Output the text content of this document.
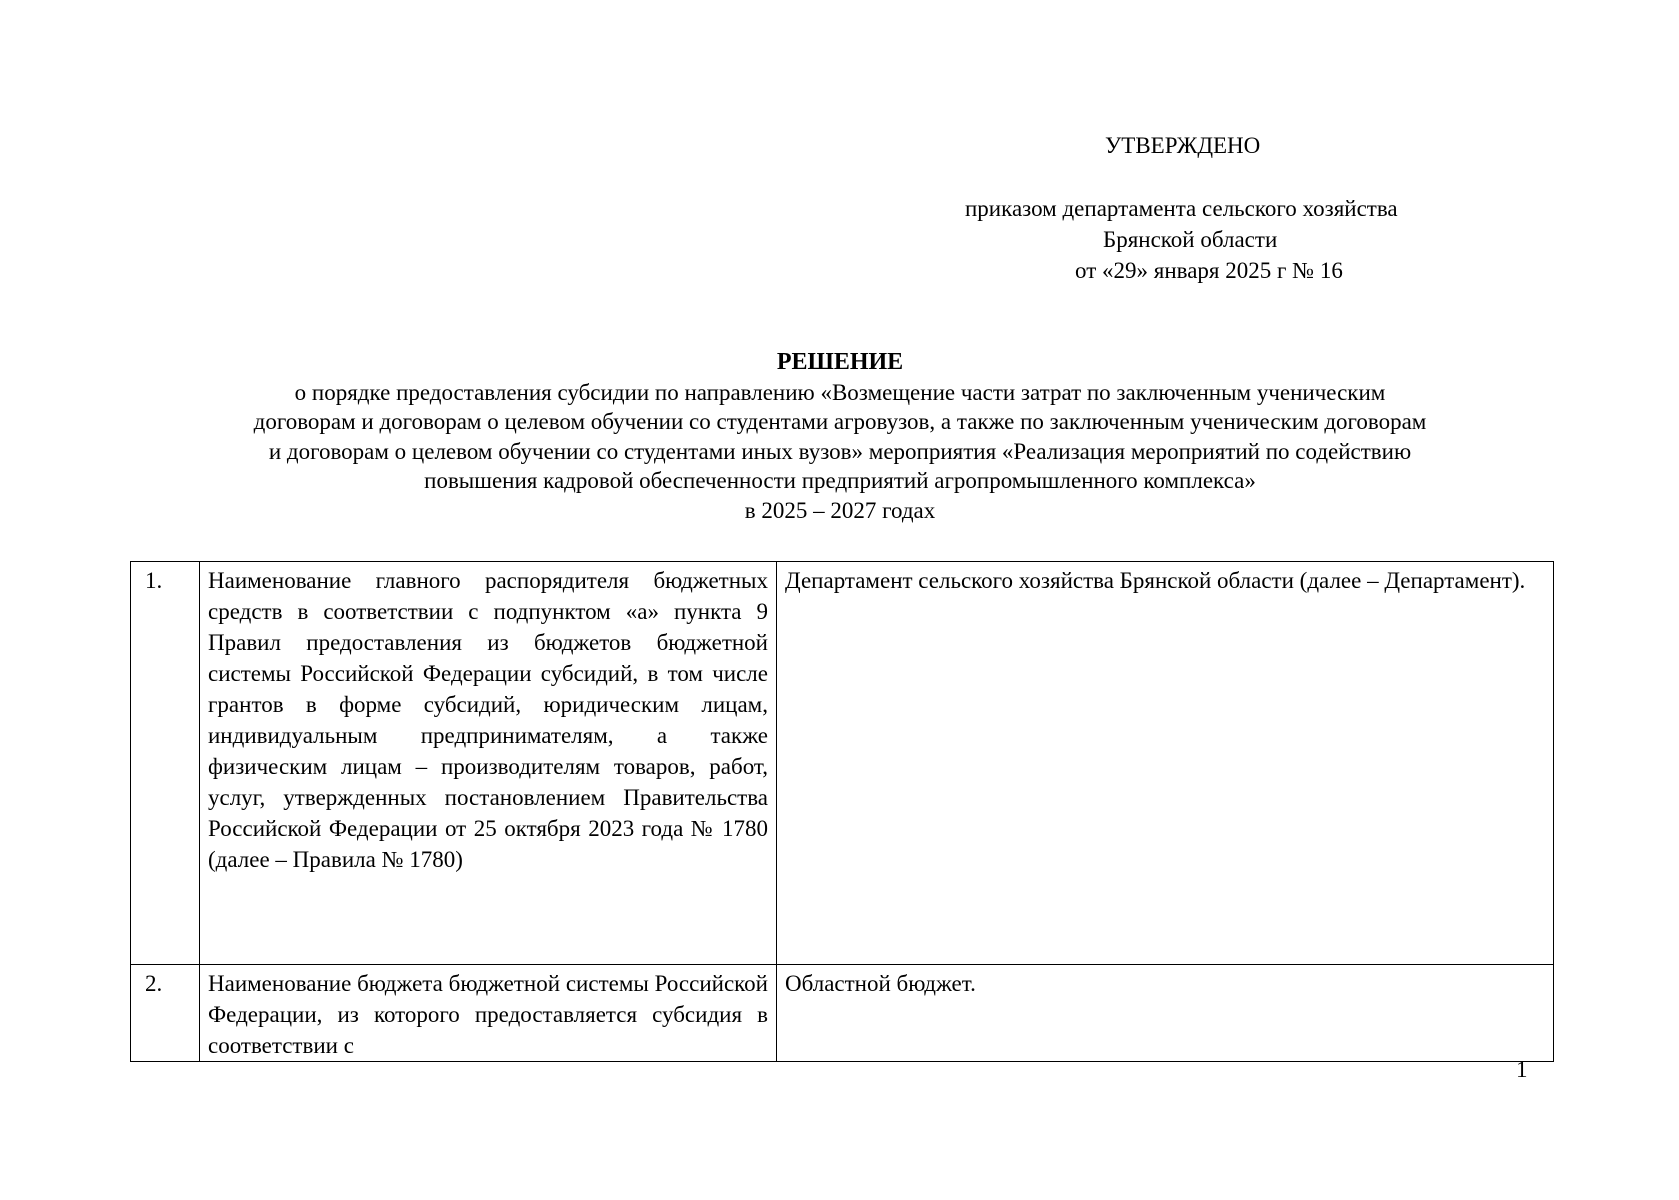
УТВЕРЖДЕНО
приказом департамента сельского хозяйства
Брянской области
от «29» января 2025 г № 16
РЕШЕНИЕ
о порядке предоставления субсидии по направлению «Возмещение части затрат по заключенным ученическим
договорам и договорам о целевом обучении со студентами агровузов, а также по заключенным ученическим договорам
и договорам о целевом обучении со студентами иных вузов» мероприятия «Реализация мероприятий по содействию
повышения кадровой обеспеченности предприятий агропромышленного комплекса»
в 2025 – 2027 годах
1.	Наименование главного распорядителя бюджетных средств в соответствии с подпунктом «а» пункта 9 Правил предоставления из бюджетов бюджетной системы Российской Федерации субсидий, в том числе грантов в форме субсидий, юридическим лицам, индивидуальным предпринимателям, а также физическим лицам – производителям товаров, работ, услуг, утвержденных постановлением Правительства Российской Федерации от 25 октября 2023 года № 1780 (далее – Правила № 1780)	Департамент сельского хозяйства Брянской области (далее – Департамент).
2.	Наименование бюджета бюджетной системы Российской Федерации, из которого предоставляется субсидия в соответствии с	Областной бюджет.
1
